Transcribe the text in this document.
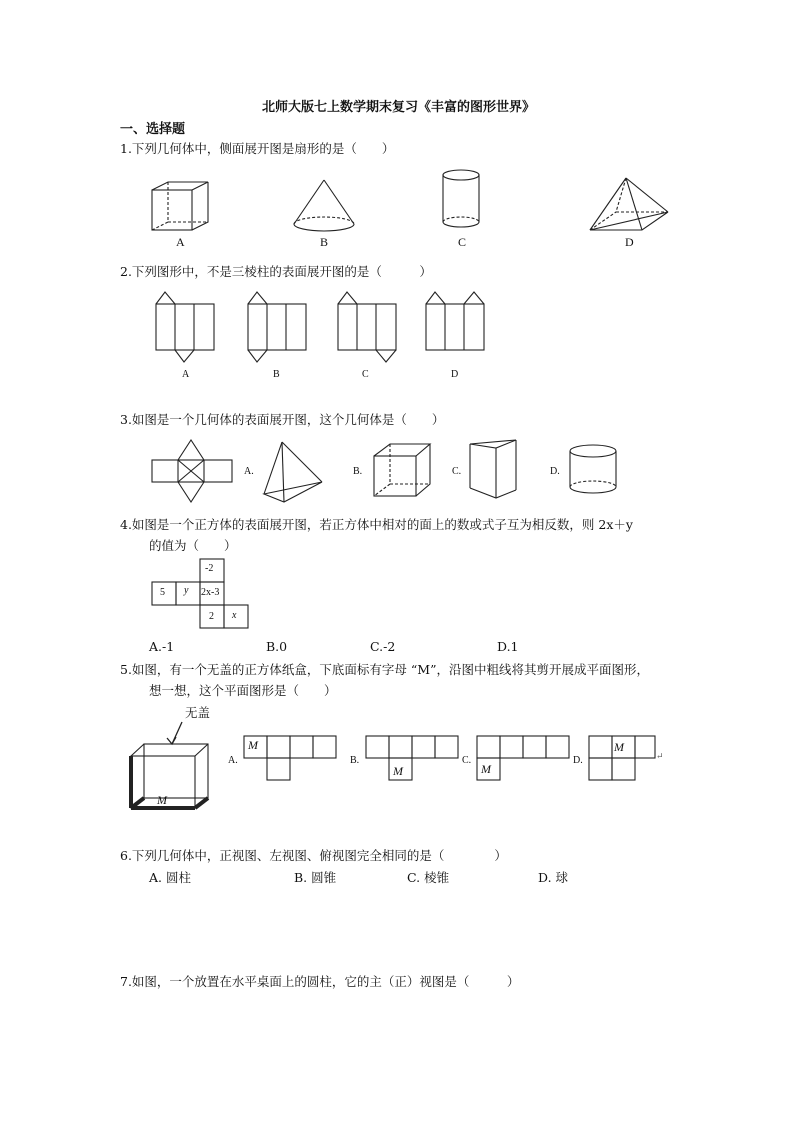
北师大版七上数学期末复习《丰富的图形世界》
一、选择题
1.下列几何体中，侧面展开图是扇形的是（　　）
A	B	C	D
2.下列图形中，不是三棱柱的表面展开图的是（　　　）
A	B	C	D
3.如图是一个几何体的表面展开图，这个几何体是（　　）
A.	B.	C.	D.
4.如图是一个正方体的表面展开图，若正方体中相对的面上的数或式子互为相反数，则 2x＋y
的值为（　　）
-2
5 y 2x-3
2 x
A.-1	B.0	C.-2	D.1
5.如图，有一个无盖的正方体纸盒，下底面标有字母 “M”，沿图中粗线将其剪开展成平面图形，
想一想，这个平面图形是（　　）
无盖
M
A.
M
B.
M
C.
M
D.
M
↵
6.下列几何体中，正视图、左视图、俯视图完全相同的是（　　　　）
A. 圆柱	B. 圆锥	C. 棱锥	D. 球
7.如图，一个放置在水平桌面上的圆柱，它的主（正）视图是（　　　）
